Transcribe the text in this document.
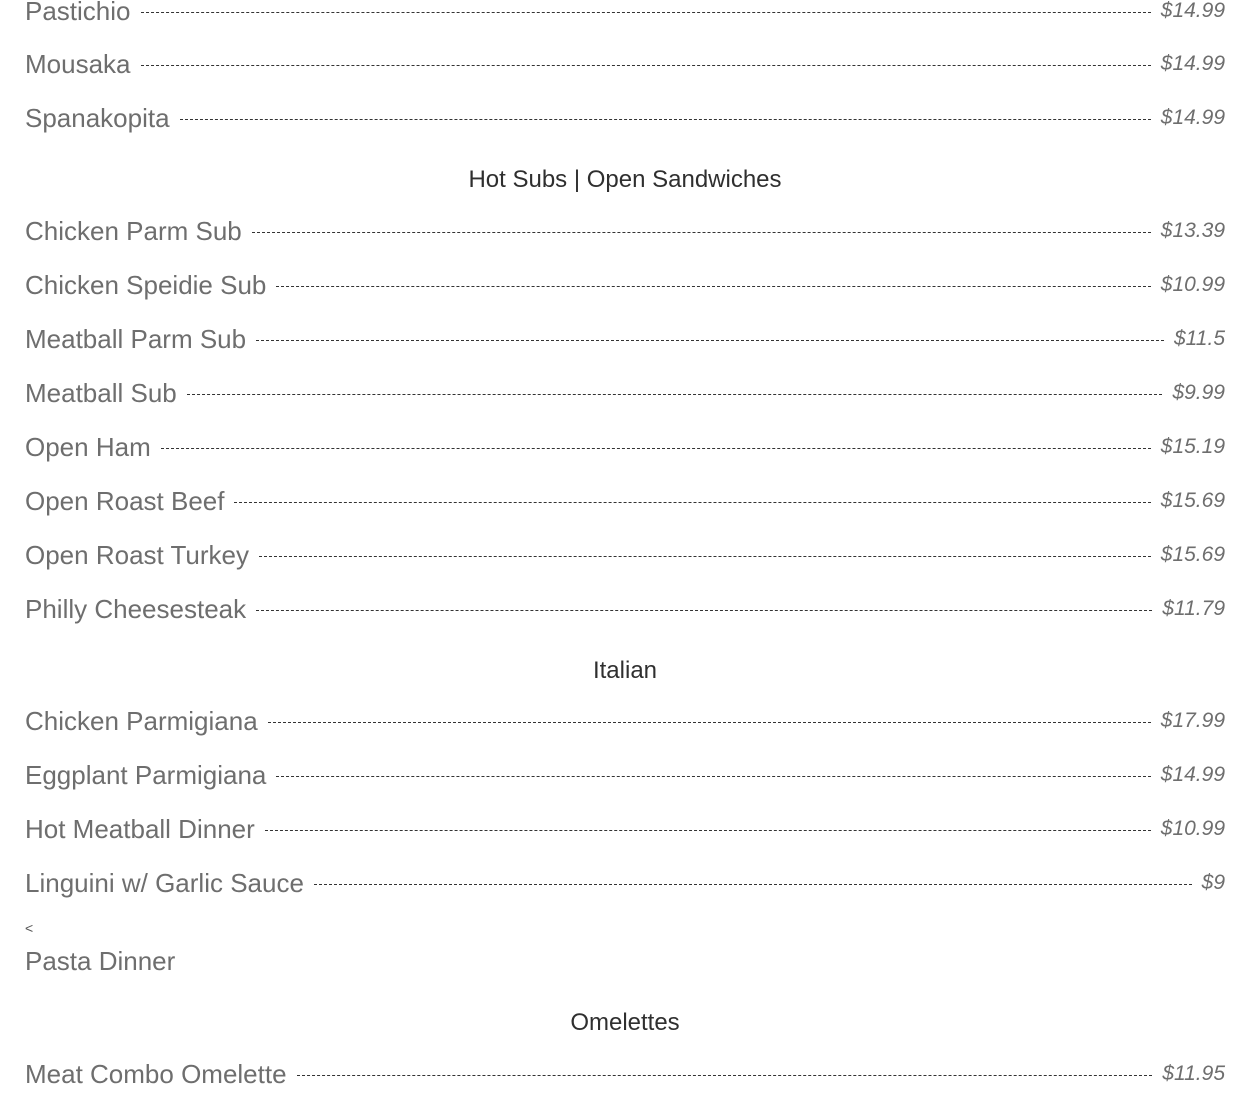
Pastichio	$14.99
Mousaka	$14.99
Spanakopita	$14.99
Hot Subs | Open Sandwiches
Chicken Parm Sub	$13.39
Chicken Speidie Sub	$10.99
Meatball Parm Sub	$11.5
Meatball Sub	$9.99
Open Ham	$15.19
Open Roast Beef	$15.69
Open Roast Turkey	$15.69
Philly Cheesesteak	$11.79
Italian
Chicken Parmigiana	$17.99
Eggplant Parmigiana	$14.99
Hot Meatball Dinner	$10.99
Linguini w/ Garlic Sauce	$9
<
Pasta Dinner
Omelettes
Meat Combo Omelette	$11.95
